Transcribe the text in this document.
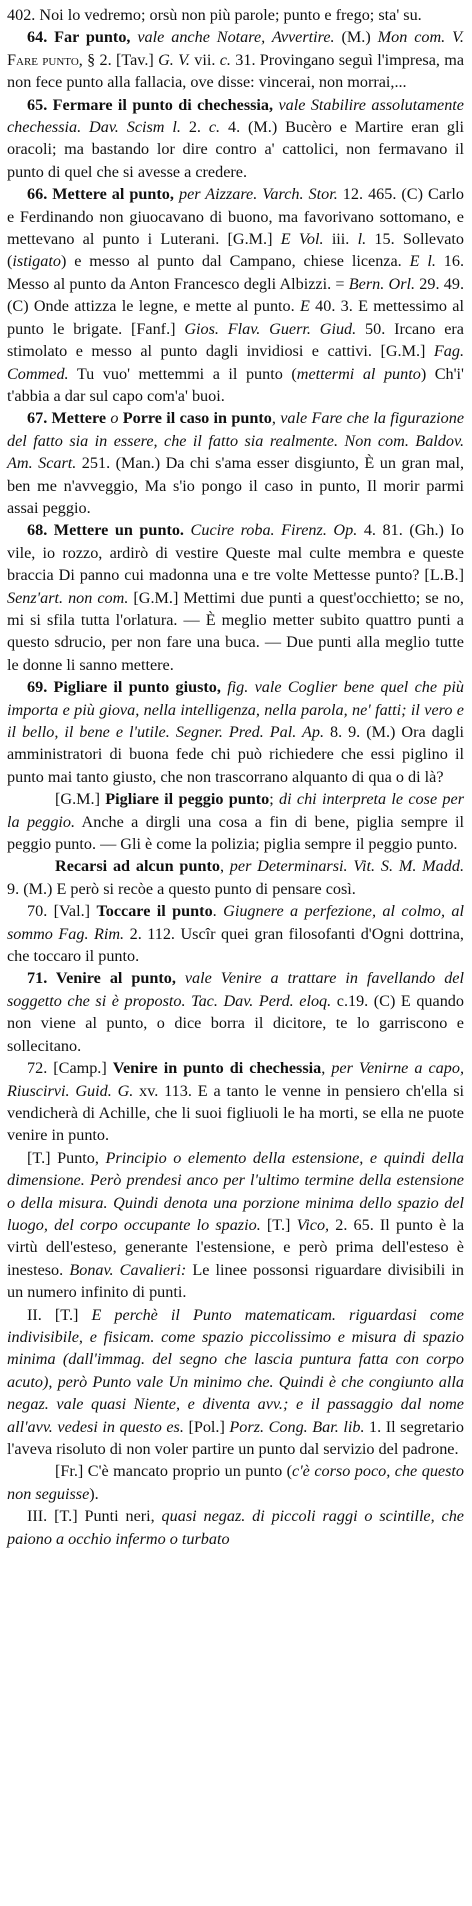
402. Noi lo vedremo; orsù non più parole; punto e frego; sta' su.

64. Far punto, vale anche Notare, Avvertire. (M.) Mon com. V. Fare punto, § 2. [Tav.] G. V. vii. c. 31. Provingano seguì l'impresa, ma non fece punto alla fallacia, ove disse: vincerai, non morrai,...

65. Fermare il punto di chechessia, vale Stabilire assolutamente chechessia. Dav. Scism l. 2. c. 4. (M.) Bucèro e Martire eran gli oracoli; ma bastando lor dire contro a' cattolici, non fermavano il punto di quel che si avesse a credere.

66. Mettere al punto, per Aizzare. Varch. Stor. 12. 465. (C) Carlo e Ferdinando non giuocavano di buono, ma favorivano sottomano, e mettevano al punto i Luterani. [G.M.] E Vol. iii. l. 15. Sollevato (istigato) e messo al punto dal Campano, chiese licenza. E l. 16. Messo al punto da Anton Francesco degli Albizzi. = Bern. Orl. 29. 49. (C) Onde attizza le legne, e mette al punto. E 40. 3. E mettessimo al punto le brigate. [Fanf.] Gios. Flav. Guerr. Giud. 50. Ircano era stimolato e messo al punto dagli invidiosi e cattivi. [G.M.] Fag. Commed. Tu vuo' mettemmi a il punto (mettermi al punto) Ch'i' t'abbia a dar sul capo com'a' buoi.

67. Mettere o Porre il caso in punto, vale Fare che la figurazione del fatto sia in essere, che il fatto sia realmente. Non com. Baldov. Am. Scart. 251. (Man.) Da chi s'ama esser disgiunto, È un gran mal, ben me n'avveggio, Ma s'io pongo il caso in punto, Il morir parmi assai peggio.

68. Mettere un punto. Cucire roba. Firenz. Op. 4. 81. (Gh.) Io vile, io rozzo, ardirò di vestire Queste mal culte membra e queste braccia Di panno cui madonna una e tre volte Mettesse punto? [L.B.] Senz'art. non com. [G.M.] Mettimi due punti a quest'occhietto; se no, mi si sfila tutta l'orlatura. — È meglio metter subito quattro punti a questo sdrucio, per non fare una buca. — Due punti alla meglio tutte le donne li sanno mettere.

69. Pigliare il punto giusto, fig. vale Coglier bene quel che più importa e più giova, nella intelligenza, nella parola, ne' fatti; il vero e il bello, il bene e l'utile. Segner. Pred. Pal. Ap. 8. 9. (M.) Ora dagli amministratori di buona fede chi può richiedere che essi piglino il punto mai tanto giusto, che non trascorrano alquanto di qua o di là?

[G.M.] Pigliare il peggio punto; di chi interpreta le cose per la peggio. Anche a dirgli una cosa a fin di bene, piglia sempre il peggio punto. — Gli è come la polizia; piglia sempre il peggio punto.

Recarsi ad alcun punto, per Determinarsi. Vit. S. M. Madd. 9. (M.) E però si recòe a questo punto di pensare così.

70. [Val.] Toccare il punto. Giugnere a perfezione, al colmo, al sommo Fag. Rim. 2. 112. Uscîr quei gran filosofanti d'Ogni dottrina, che toccaro il punto.

71. Venire al punto, vale Venire a trattare in favellando del soggetto che si è proposto. Tac. Dav. Perd. eloq. c.19. (C) E quando non viene al punto, o dice borra il dicitore, te lo garriscono e sollecitano.

72. [Camp.] Venire in punto di chechessia, per Venirne a capo, Riuscirvi. Guid. G. xv. 113. E a tanto le venne in pensiero ch'ella si vendicherà di Achille, che li suoi figliuoli le ha morti, se ella ne puote venire in punto.

[T.] Punto, Principio o elemento della estensione, e quindi della dimensione. Però prendesi anco per l'ultimo termine della estensione o della misura. Quindi denota una porzione minima dello spazio del luogo, del corpo occupante lo spazio. [T.] Vico, 2. 65. Il punto è la virtù dell'esteso, generante l'estensione, e però prima dell'esteso è inesteso. Bonav. Cavalieri: Le linee possonsi riguardare divisibili in un numero infinito di punti.

II. [T.] E perchè il Punto matematicam. riguardasi come indivisibile, e fisicam. come spazio piccolissimo e misura di spazio minima (dall'immag. del segno che lascia puntura fatta con corpo acuto), però Punto vale Un minimo che. Quindi è che congiunto alla negaz. vale quasi Niente, e diventa avv.; e il passaggio dal nome all'avv. vedesi in questo es. [Pol.] Porz. Cong. Bar. lib. 1. Il segretario l'aveva risoluto di non voler partire un punto dal servizio del padrone.

[Fr.] C'è mancato proprio un punto (c'è corso poco, che questo non seguisse).

III. [T.] Punti neri, quasi negaz. di piccoli raggi o scintille, che paiono a occhio infermo o turbato
